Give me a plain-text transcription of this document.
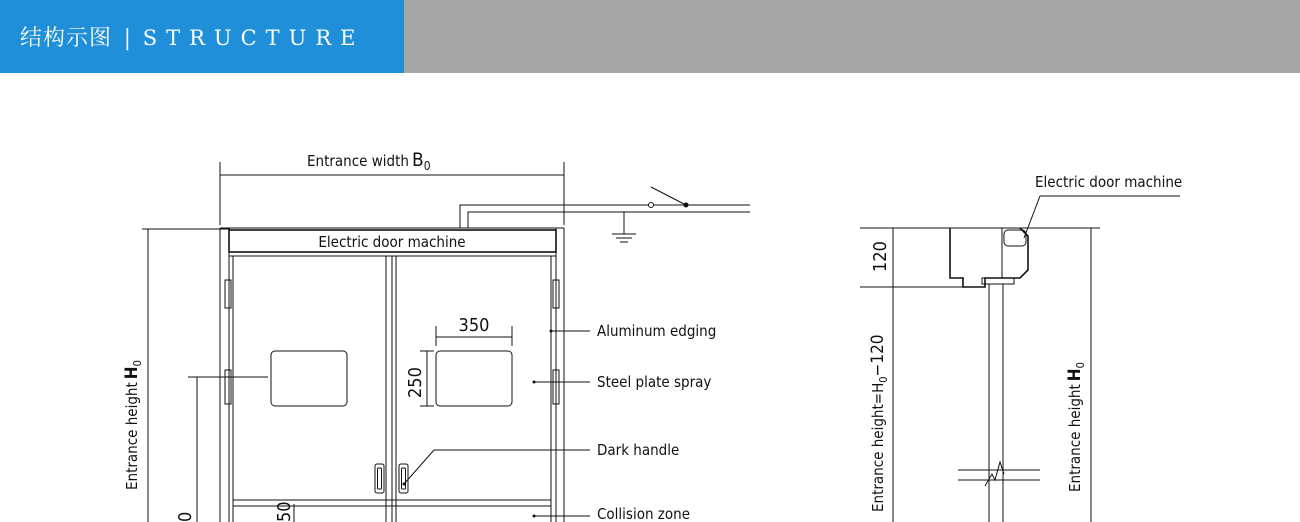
结构示图 | STRUCTURE
Entrance width $B_0$
Entrance heightH$_0$
Electric door machine
350
250
0	50
Aluminum edging
Steel plate spray
Dark handle
Collision zone
Electric door machine
120
Entrance $height=H_0-120$
Entrance heightH$_0$
